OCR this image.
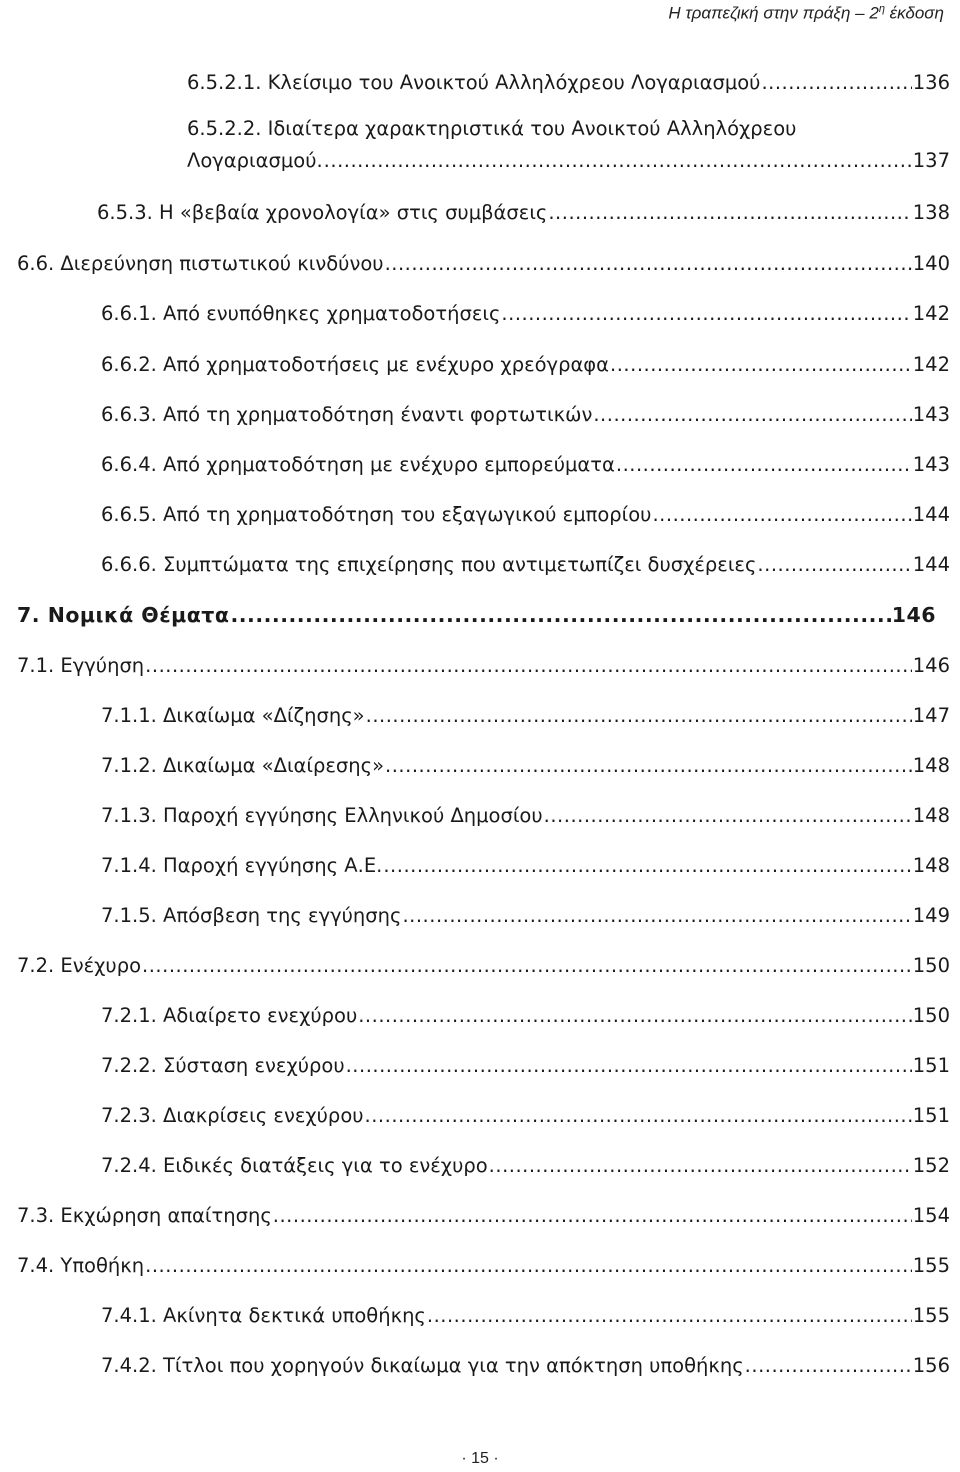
Η τραπεζική στην πράξη – $2^\eta$ έκδοση
6.5.2.1. Κλείσιμο του Ανοικτού Αλληλόχρεου Λογαριασμού .....	136
6.5.2.2. Ιδιαίτερα χαρακτηριστικά του Ανοικτού Αλληλόχρεου
Λογαριασμού. .....	137
6.5.3. Η «βεβαία χρονολογία» στις συμβάσεις .....	138
6.6. Διερεύνηση πιστωτικού κινδύνου .....	140
6.6.1. Από ενυπόθηκες χρηματοδοτήσεις .....	142
6.6.2. Από χρηματοδοτήσεις με ενέχυρο χρεόγραφα .....	142
6.6.3. Από τη χρηματοδότηση έναντι φορτωτικών .....	143
6.6.4. Από χρηματοδότηση με ενέχυρο εμπορεύματα .....	143
6.6.5. Από τη χρηματοδότηση του εξαγωγικού εμπορίου .....	144
6.6.6. Συμπτώματα της επιχείρησης που αντιμετωπίζει δυσχέρειες .....	144
7. Νομικά Θέματα .....	146
7.1. Εγγύηση .....	146
7.1.1. Δικαίωμα «Δίζησης» .....	147
7.1.2. Δικαίωμα «Διαίρεσης» .....	148
7.1.3. Παροχή εγγύησης Ελληνικού Δημοσίου .....	148
7.1.4. Παροχή εγγύησης Α.Ε. .....	148
7.1.5. Απόσβεση της εγγύησης .....	149
7.2. Ενέχυρο .....	150
7.2.1. Αδιαίρετο ενεχύρου .....	150
7.2.2. Σύσταση ενεχύρου .....	151
7.2.3. Διακρίσεις ενεχύρου .....	151
7.2.4. Ειδικές διατάξεις για το ενέχυρο .....	152
7.3. Εκχώρηση απαίτησης .....	154
7.4. Υποθήκη .....	155
7.4.1. Ακίνητα δεκτικά υποθήκης .....	155
7.4.2. Τίτλοι που χορηγούν δικαίωμα για την απόκτηση υποθήκης .....	156
· 15 ·
